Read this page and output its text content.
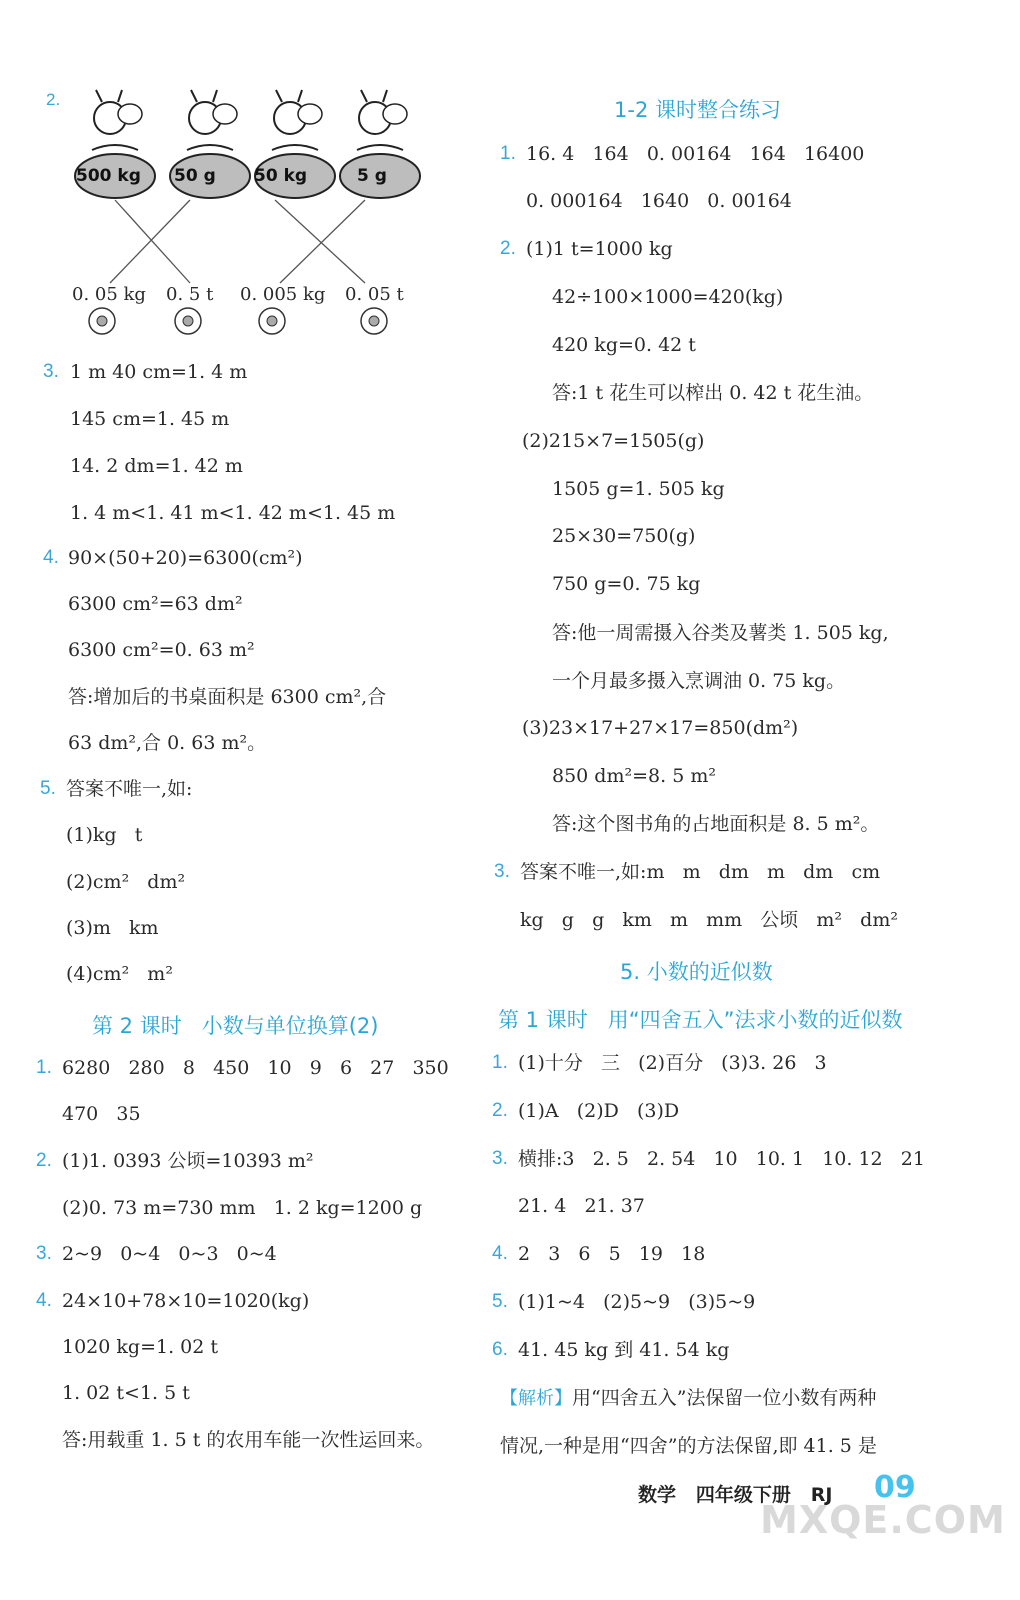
2.
500 kg 50 g 50 kg	5 g
0. 05 kg 0. 5 t 0. 005 kg 0. 05 t
3. 1 m 40 cm=1. 4 m
145 cm=1. 45 m
14. 2 dm=1. 42 m
1. 4 m<1. 41 m<1. 42 m<1. 45 m
4. 90×(50+20)=6300(cm²)
6300 cm²=63 dm²
6300 cm²=0. 63 m²
答:增加后的书桌面积是 6300 cm²,合
63 dm²,合 0. 63 m²。
5. 答案不唯一,如:
(1)kg   t
(2)cm²   dm²
(3)m   km
(4)cm²   m²
第 2 课时   小数与单位换算(2)
1. 6280   280   8   450   10   9   6   27   350
470   35
2. (1)1. 0393 公顷=10393 m²
(2)0. 73 m=730 mm   1. 2 kg=1200 g
3. 2~9   0~4   0~3   0~4
4. 24×10+78×10=1020(kg)
1020 kg=1. 02 t
1. 02 t<1. 5 t
答:用载重 1. 5 t 的农用车能一次性运回来。
1-2 课时整合练习
1. 16. 4   164   0. 00164   164   16400
0. 000164   1640   0. 00164
2. (1)1 t=1000 kg
42÷100×1000=420(kg)
420 kg=0. 42 t
答:1 t 花生可以榨出 0. 42 t 花生油。
(2)215×7=1505(g)
1505 g=1. 505 kg
25×30=750(g)
750 g=0. 75 kg
答:他一周需摄入谷类及薯类 1. 505 kg,
一个月最多摄入烹调油 0. 75 kg。
(3)23×17+27×17=850(dm²)
850 dm²=8. 5 m²
答:这个图书角的占地面积是 8. 5 m²。
3. 答案不唯一,如:m   m   dm   m   dm   cm
kg   g   g   km   m   mm   公顷   m²   dm²
5. 小数的近似数
第 1 课时   用“四舍五入”法求小数的近似数
1. (1)十分   三   (2)百分   (3)3. 26   3
2. (1)A   (2)D   (3)D
3. 横排:3   2. 5   2. 54   10   10. 1   10. 12   21
21. 4   21. 37
4. 2   3   6   5   19   18
5. (1)1~4   (2)5~9   (3)5~9
6. 41. 45 kg 到 41. 54 kg
【解析】用“四舍五入”法保留一位小数有两种
情况,一种是用“四舍”的方法保留,即 41. 5 是
数学   四年级下册   RJ 09
MXQE.COM
